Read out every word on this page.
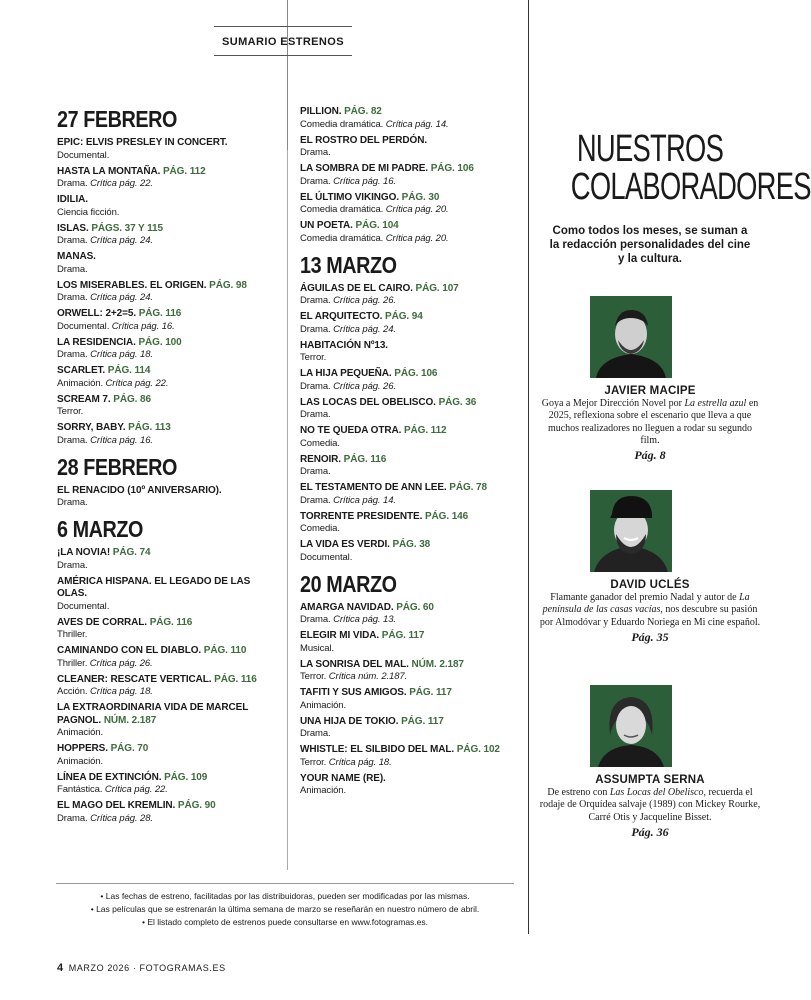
SUMARIO ESTRENOS
27 FEBRERO
EPIC: ELVIS PRESLEY IN CONCERT.
Documental.
HASTA LA MONTAÑA. PÁG. 112
Drama. Crítica pág. 22.
IDILIA.
Ciencia ficción.
ISLAS. PÁGS. 37 Y 115
Drama. Crítica pág. 24.
MANAS.
Drama.
LOS MISERABLES. EL ORIGEN. PÁG. 98
Drama. Crítica pág. 24.
ORWELL: 2+2=5. PÁG. 116
Documental. Crítica pág. 16.
LA RESIDENCIA. PÁG. 100
Drama. Crítica pág. 18.
SCARLET. PÁG. 114
Animación. Crítica pág. 22.
SCREAM 7. PÁG. 86
Terror.
SORRY, BABY. PÁG. 113
Drama. Crítica pág. 16.
28 FEBRERO
EL RENACIDO (10º ANIVERSARIO).
Drama.
6 MARZO
¡LA NOVIA! PÁG. 74
Drama.
AMÉRICA HISPANA. EL LEGADO DE LAS OLAS.
Documental.
AVES DE CORRAL. PÁG. 116
Thriller.
CAMINANDO CON EL DIABLO. PÁG. 110
Thriller. Crítica pág. 26.
CLEANER: RESCATE VERTICAL. PÁG. 116
Acción. Crítica pág. 18.
LA EXTRAORDINARIA VIDA DE MARCEL PAGNOL. NÚM. 2.187
Animación.
HOPPERS. PÁG. 70
Animación.
LÍNEA DE EXTINCIÓN. PÁG. 109
Fantástica. Crítica pág. 22.
EL MAGO DEL KREMLIN. PÁG. 90
Drama. Crítica pág. 28.
PILLION. PÁG. 82
Comedia dramática. Crítica pág. 14.
EL ROSTRO DEL PERDÓN.
Drama.
LA SOMBRA DE MI PADRE. PÁG. 106
Drama. Crítica pág. 16.
EL ÚLTIMO VIKINGO. PÁG. 30
Comedia dramática. Crítica pág. 20.
UN POETA. PÁG. 104
Comedia dramática. Crítica pág. 20.
13 MARZO
ÁGUILAS DE EL CAIRO. PÁG. 107
Drama. Crítica pág. 26.
EL ARQUITECTO. PÁG. 94
Drama. Crítica pág. 24.
HABITACIÓN Nº13.
Terror.
LA HIJA PEQUEÑA. PÁG. 106
Drama. Crítica pág. 26.
LAS LOCAS DEL OBELISCO. PÁG. 36
Drama.
NO TE QUEDA OTRA. PÁG. 112
Comedia.
RENOIR. PÁG. 116
Drama.
EL TESTAMENTO DE ANN LEE. PÁG. 78
Drama. Crítica pág. 14.
TORRENTE PRESIDENTE. PÁG. 146
Comedia.
LA VIDA ES VERDI. PÁG. 38
Documental.
20 MARZO
AMARGA NAVIDAD. PÁG. 60
Drama. Crítica pág. 13.
ELEGIR MI VIDA. PÁG. 117
Musical.
LA SONRISA DEL MAL. NÚM. 2.187
Terror. Crítica núm. 2.187.
TAFITI Y SUS AMIGOS. PÁG. 117
Animación.
UNA HIJA DE TOKIO. PÁG. 117
Drama.
WHISTLE: EL SILBIDO DEL MAL. PÁG. 102
Terror. Crítica pág. 18.
YOUR NAME (RE).
Animación.

• Las fechas de estreno, facilitadas por las distribuidoras, pueden ser modificadas por las mismas.

• Las películas que se estrenarán la última semana de marzo se reseñarán en nuestro número de abril.

• El listado completo de estrenos puede consultarse en www.fotogramas.es.

4 MARZO 2026 · FOTOGRAMAS.ES
NUESTROS
COLABORADORES
Como todos los meses, se suman a la redacción personalidades del cine y la cultura.
JAVIER MACIPE
Goya a Mejor Dirección Novel por La estrella azul en 2025, reflexiona sobre el escenario que lleva a que muchos realizadores no lleguen a rodar su segundo film.
Pág. 8
DAVID UCLÉS
Flamante ganador del premio Nadal y autor de La península de las casas vacías, nos descubre su pasión por Almodóvar y Eduardo Noriega en Mi cine español.
Pág. 35
ASSUMPTA SERNA
De estreno con Las Locas del Obelisco, recuerda el rodaje de Orquídea salvaje (1989) con Mickey Rourke, Carré Otis y Jacqueline Bisset.
Pág. 36
